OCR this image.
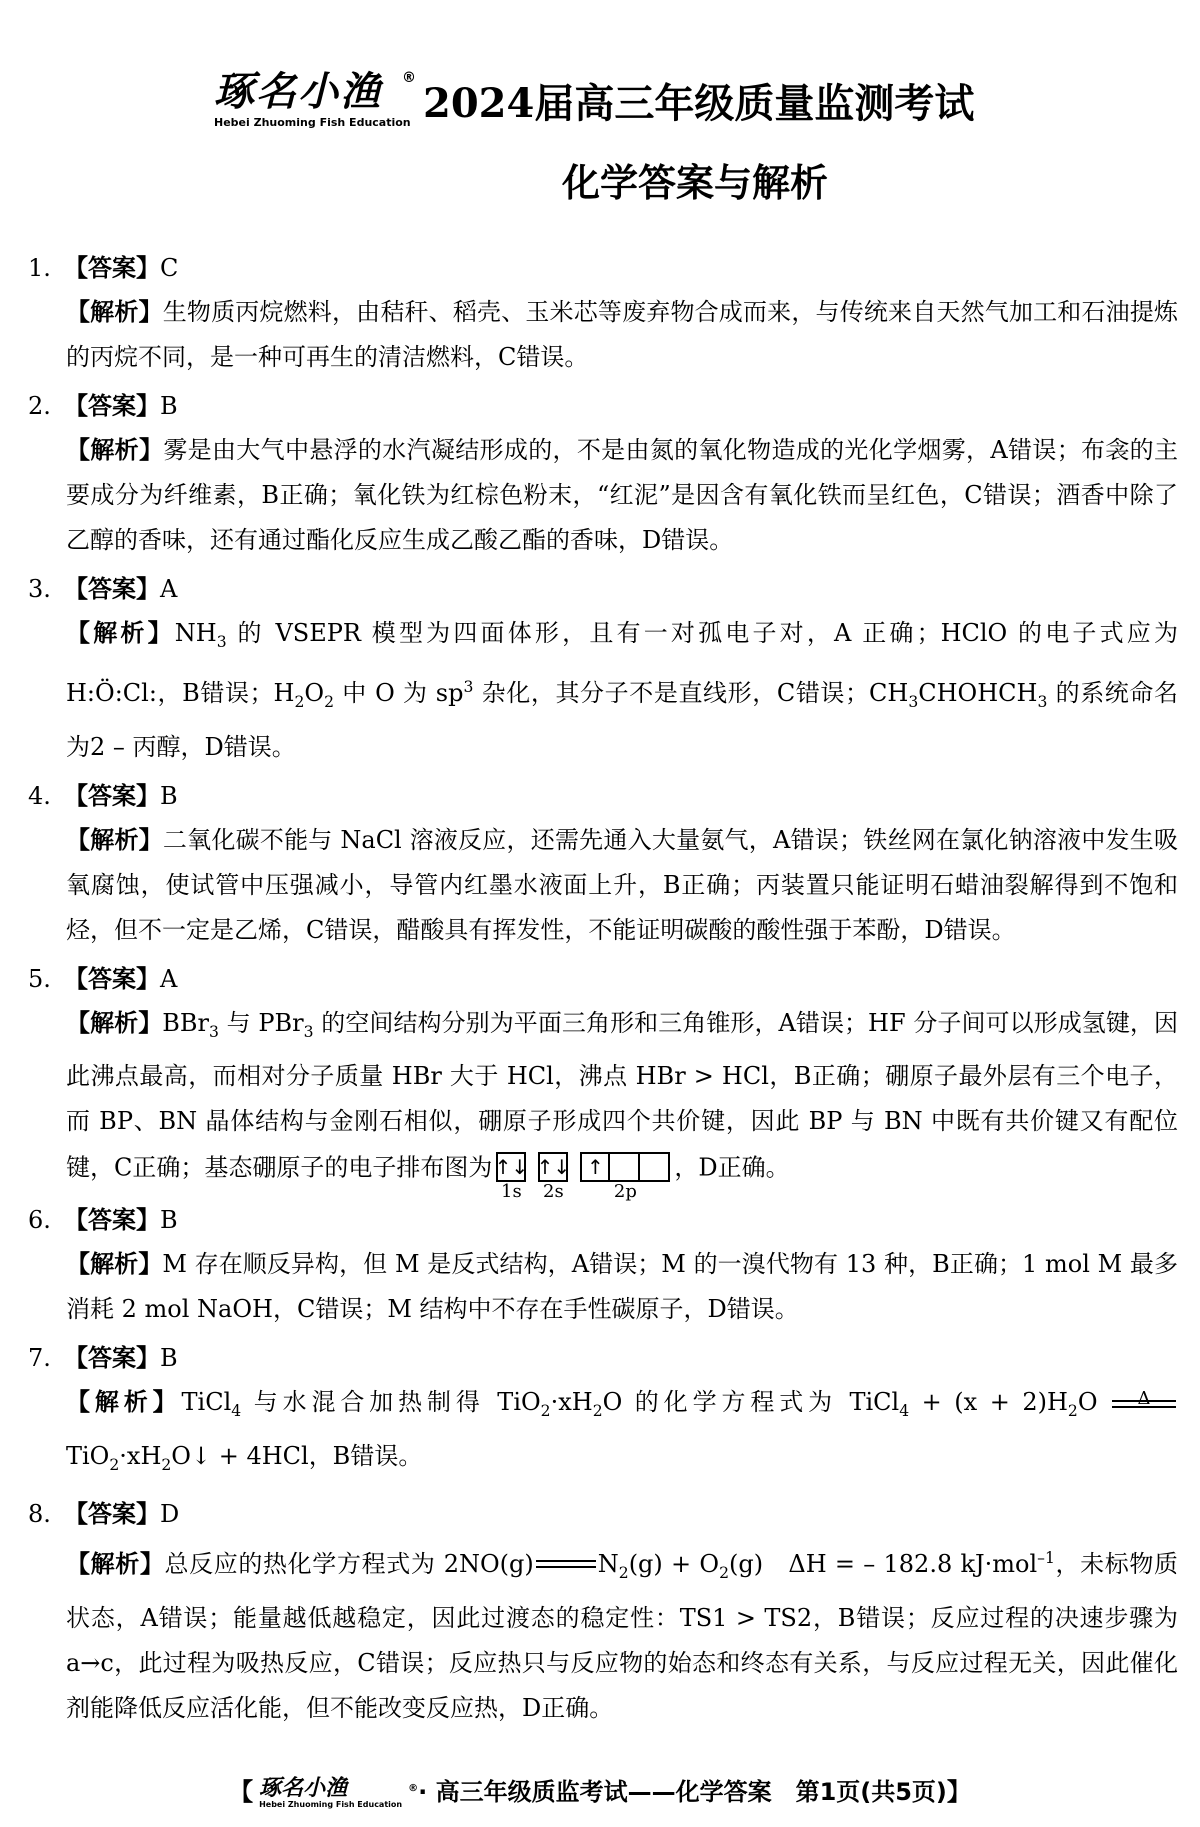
琢名小渔	®
Hebei Zhuoming Fish Education 2024届高三年级质量监测考试
化学答案与解析
1. 【答案】C
【解析】生物质丙烷燃料，由秸秆、稻壳、玉米芯等废弃物合成而来，与传统来自天然气加工和石油提炼的丙烷不同，是一种可再生的清洁燃料，C错误。
2. 【答案】B
【解析】雾是由大气中悬浮的水汽凝结形成的，不是由氮的氧化物造成的光化学烟雾，A错误；布衾的主要成分为纤维素，B正确；氧化铁为红棕色粉末，“红泥”是因含有氧化铁而呈红色，C错误；酒香中除了乙醇的香味，还有通过酯化反应生成乙酸乙酯的香味，D错误。
3. 【答案】A
【解析】$NH_3$ 的 VSEPR 模型为四面体形，且有一对孤电子对，A 正确；HClO 的电子式应为 H:Ö:Cl:，B错误；$H_2O_2$ 中 O 为 $sp^3$ 杂化，其分子不是直线形，C错误；$CH_3CHOHCH_3$ 的系统命名为2 – 丙醇，D错误。
4. 【答案】B
【解析】二氧化碳不能与 NaCl 溶液反应，还需先通入大量氨气，A错误；铁丝网在氯化钠溶液中发生吸氧腐蚀，使试管中压强减小，导管内红墨水液面上升，B正确；丙装置只能证明石蜡油裂解得到不饱和烃，但不一定是乙烯，C错误，醋酸具有挥发性，不能证明碳酸的酸性强于苯酚，D错误。
5. 【答案】A
【解析】BBr$_3$ 与 PBr$_3$ 的空间结构分别为平面三角形和三角锥形，A错误；HF 分子间可以形成氢键，因此沸点最高，而相对分子质量 HBr 大于 HCl，沸点 HBr > HCl，B正确；硼原子最外层有三个电子，而 BP、BN 晶体结构与金刚石相似，硼原子形成四个共价键，因此 BP 与 BN 中既有共价键又有配位键，C正确；基态硼原子的电子排布图为 ↑↓
1s
↑↓
2s
↑
2p
，D正确。
6. 【答案】B
【解析】M 存在顺反异构，但 M 是反式结构，A错误；M 的一溴代物有 13 种，B正确；1 mol M 最多消耗 2 mol NaOH，C错误；M 结构中不存在手性碳原子，D错误。
7. 【答案】B
【解析】TiCl$_4$ 与水混合加热制得 $TiO_2\cdot xH_2O$ 的化学方程式为 TiCl$_4$ + $(x + 2)H_2O$	Δ
$TiO_2\cdot xH_2O↓ + 4HCl$，B错误。
8. 【答案】D
【解析】总反应的热化学方程式为 2NO(g)	$N_2(g) + O_2(g)$　ΔH = – 182.8 kJ·mol$^{-1}$，未标物质状态，A错误；能量越低越稳定，因此过渡态的稳定性：TS1 > TS2，B错误；反应过程的决速步骤为 a→c，此过程为吸热反应，C错误；反应热只与反应物的始态和终态有关系，与反应过程无关，因此催化剂能降低反应活化能，但不能改变反应热，D正确。
【 琢名小渔
Hebei Zhuoming Fish Education
®· 高三年级质监考试——化学答案　第1页(共5页)】
